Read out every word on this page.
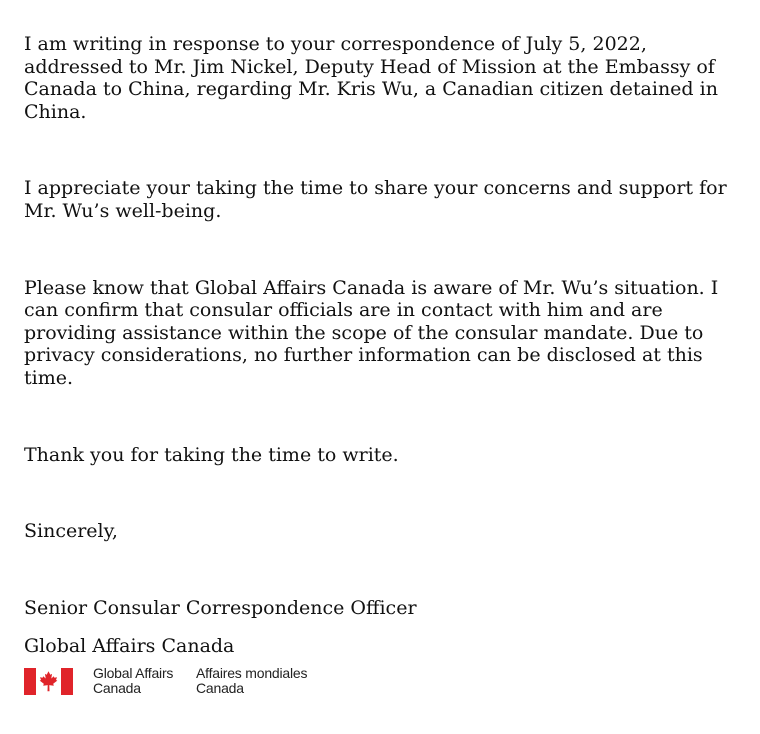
I am writing in response to your correspondence of July 5, 2022, addressed to Mr. Jim Nickel, Deputy Head of Mission at the Embassy of Canada to China, regarding Mr. Kris Wu, a Canadian citizen detained in China.

I appreciate your taking the time to share your concerns and support for Mr. Wu’s well-being.

Please know that Global Affairs Canada is aware of Mr. Wu’s situation. I can confirm that consular officials are in contact with him and are providing assistance within the scope of the consular mandate. Due to privacy considerations, no further information can be disclosed at this time.

Thank you for taking the time to write.

Sincerely,

Senior Consular Correspondence Officer

Global Affairs Canada

Global Affairs
Canada
Affaires mondiales
Canada
